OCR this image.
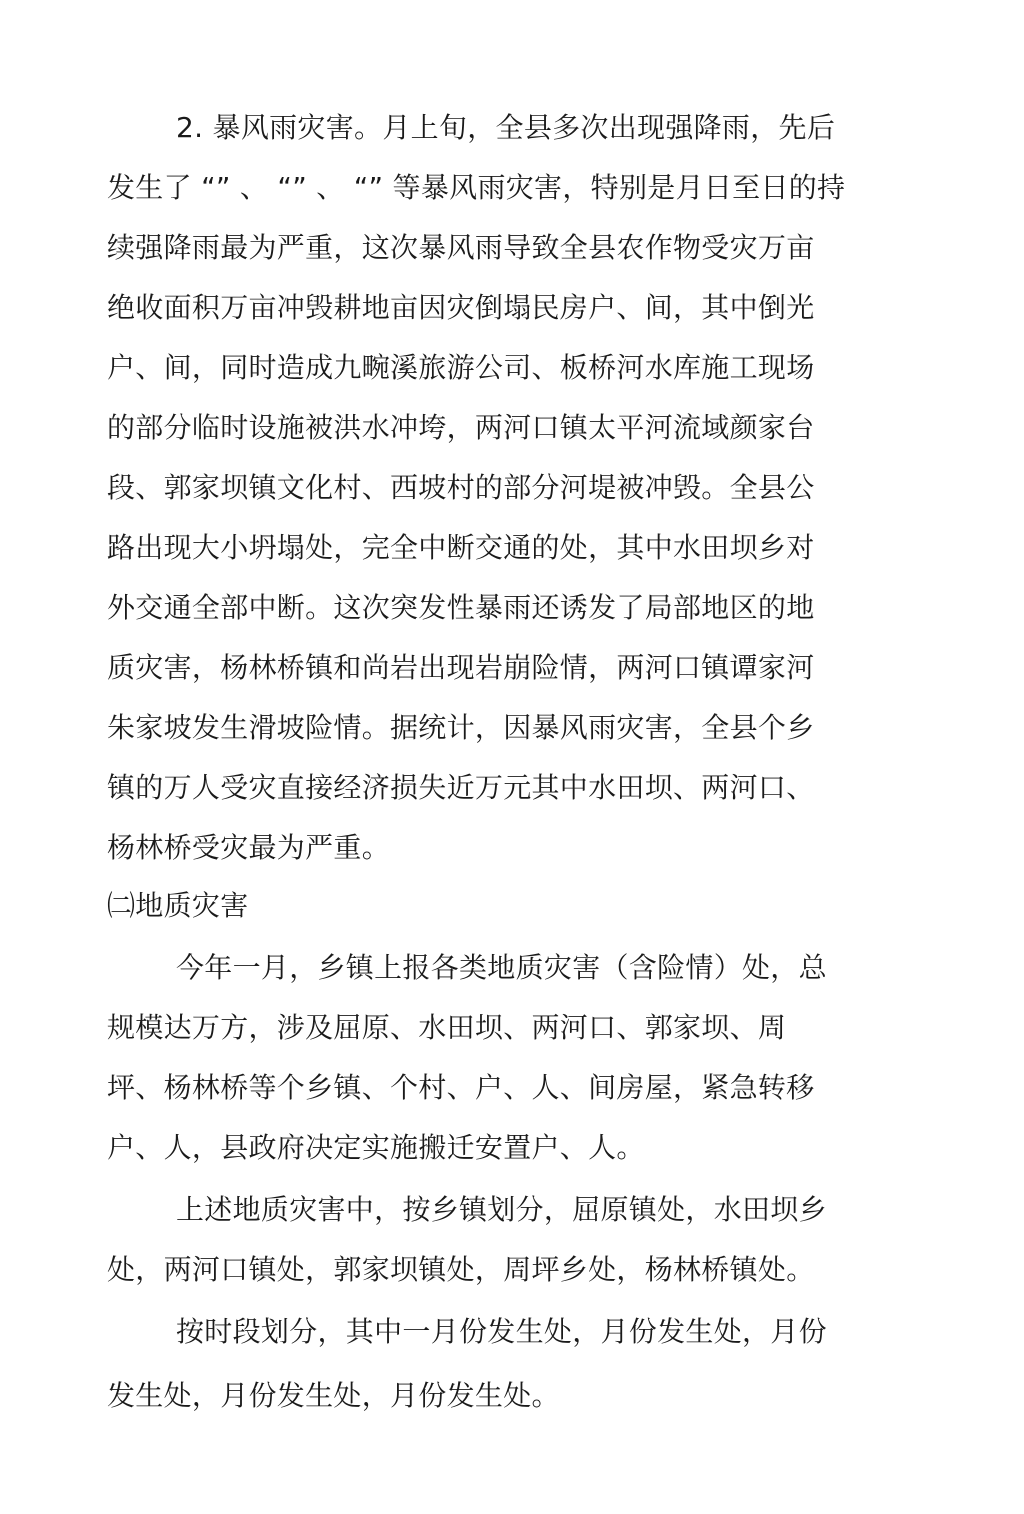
2. 暴风雨灾害。月上旬，全县多次出现强降雨，先后
发生了 “” 、 “” 、 “” 等暴风雨灾害，特别是月日至日的持
续强降雨最为严重，这次暴风雨导致全县农作物受灾万亩
绝收面积万亩冲毁耕地亩因灾倒塌民房户、间，其中倒光
户、间，同时造成九畹溪旅游公司、板桥河水库施工现场
的部分临时设施被洪水冲垮，两河口镇太平河流域颜家台
段、郭家坝镇文化村、西坡村的部分河堤被冲毁。全县公
路出现大小坍塌处，完全中断交通的处，其中水田坝乡对
外交通全部中断。这次突发性暴雨还诱发了局部地区的地
质灾害，杨林桥镇和尚岩出现岩崩险情，两河口镇谭家河
朱家坡发生滑坡险情。据统计，因暴风雨灾害，全县个乡
镇的万人受灾直接经济损失近万元其中水田坝、两河口、
杨林桥受灾最为严重。
㈡地质灾害
今年一月，乡镇上报各类地质灾害（含险情）处，总
规模达万方，涉及屈原、水田坝、两河口、郭家坝、周
坪、杨林桥等个乡镇、个村、户、人、间房屋，紧急转移
户、人，县政府决定实施搬迁安置户、人。
上述地质灾害中，按乡镇划分，屈原镇处，水田坝乡
处，两河口镇处，郭家坝镇处，周坪乡处，杨林桥镇处。
按时段划分，其中一月份发生处，月份发生处，月份
发生处，月份发生处，月份发生处。
